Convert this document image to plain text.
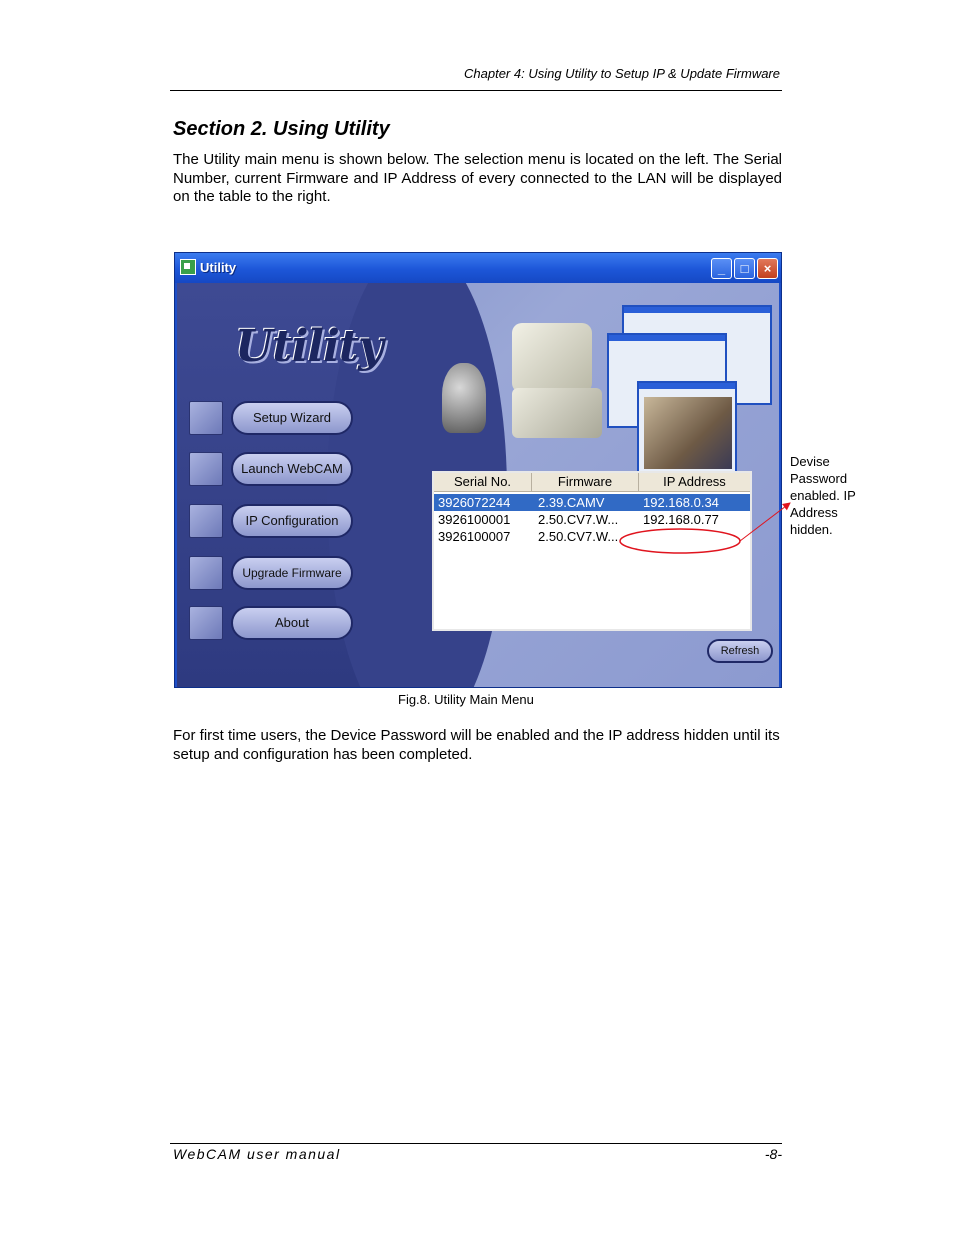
Chapter 4: Using Utility to Setup IP & Update Firmware
Section 2. Using Utility
The Utility main menu is shown below. The selection menu is located on the left. The Serial Number, current Firmware and IP Address of every connected to the LAN will be displayed on the table to the right.
Utility	_	□	×
Utility
Setup Wizard
Launch WebCAM
IP Configuration
Upgrade Firmware
About
Serial No.	Firmware	IP Address
3926072244	2.39.CAMV	192.168.0.34
3926100001	2.50.CV7.W...	192.168.0.77
3926100007	2.50.CV7.W...
Refresh
Devise Password enabled. IP Address hidden.
Fig.8. Utility Main Menu
For first time users, the Device Password will be enabled and the IP address hidden until its setup and configuration has been completed.
WebCAM user manual	-8-
